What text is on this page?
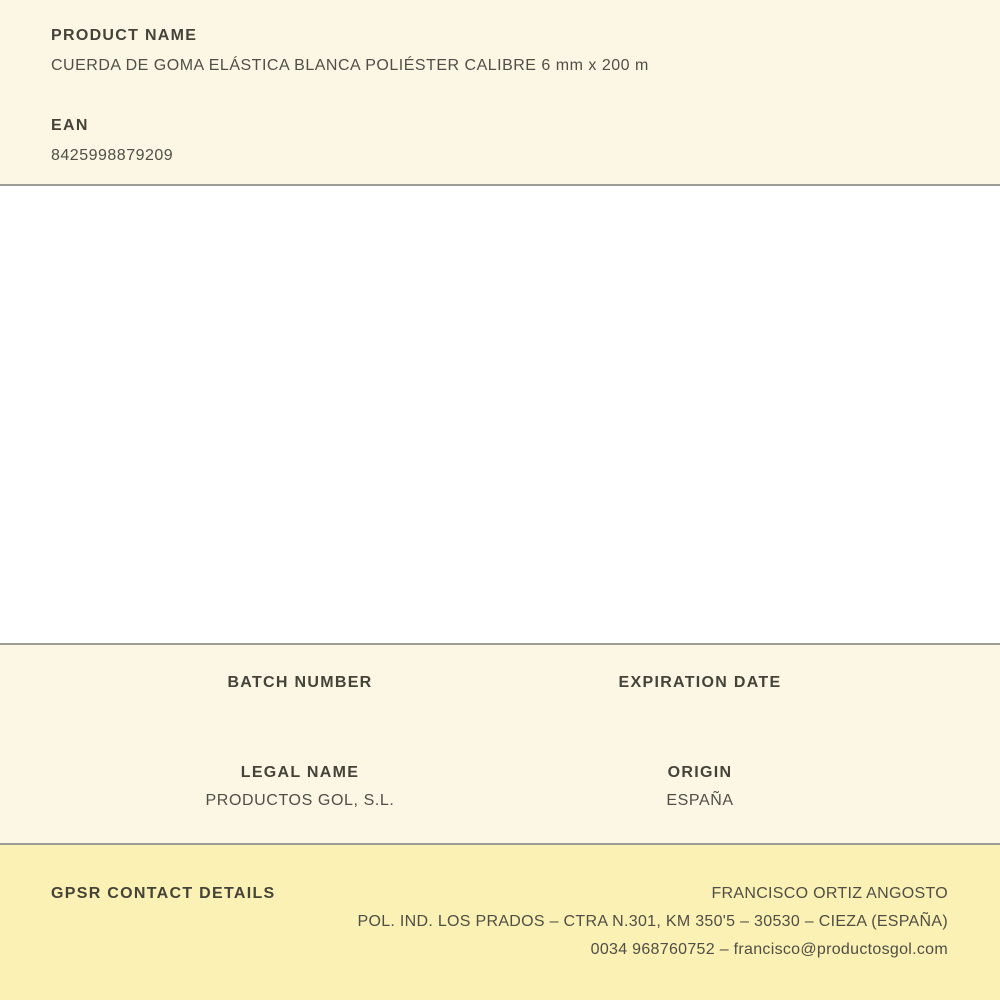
PRODUCT NAME
CUERDA DE GOMA ELÁSTICA BLANCA POLIÉSTER CALIBRE 6 mm x 200 m
EAN
8425998879209
BATCH NUMBER	EXPIRATION DATE
LEGAL NAME
PRODUCTOS GOL, S.L.
ORIGIN
ESPAÑA
GPSR CONTACT DETAILS	FRANCISCO ORTIZ ANGOSTO
POL. IND. LOS PRADOS – CTRA N.301, KM 350'5 – 30530 – CIEZA (ESPAÑA)
0034 968760752 – francisco@productosgol.com
